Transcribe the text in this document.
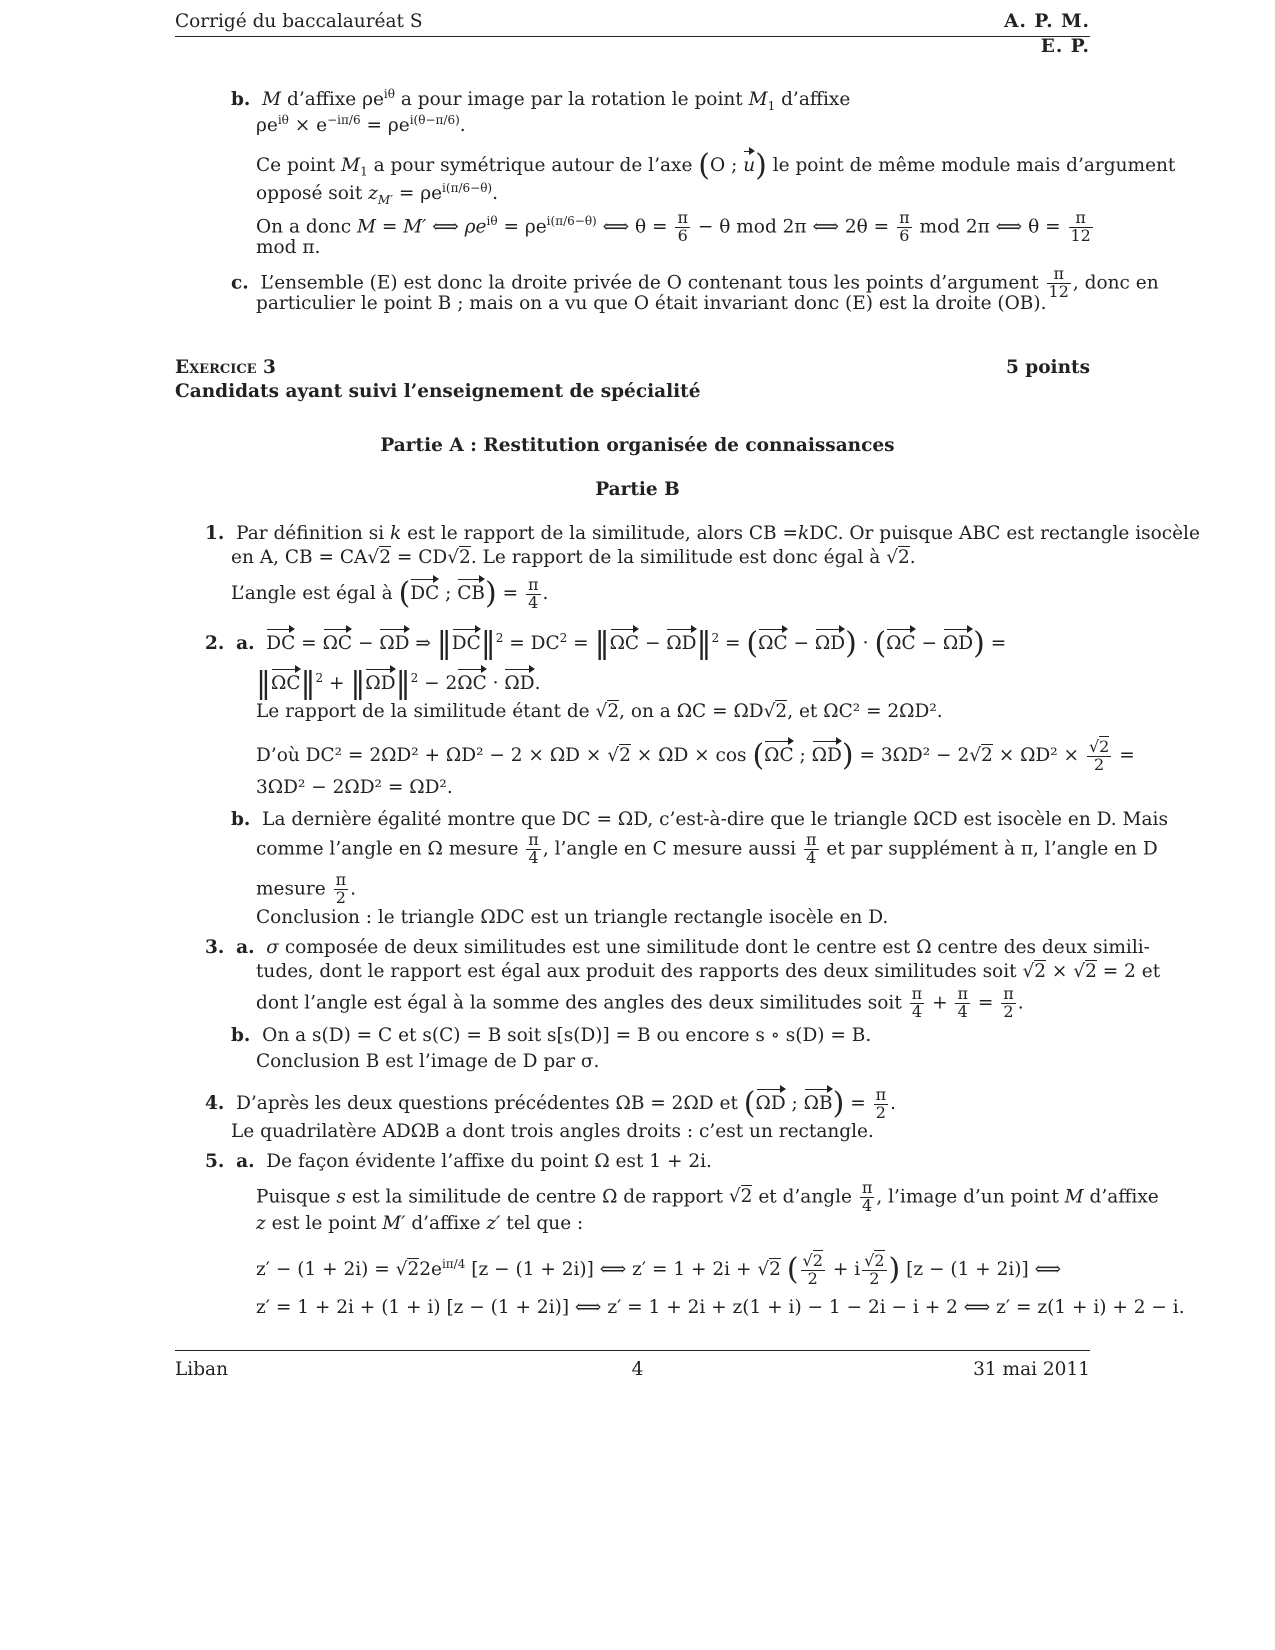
Corrigé du baccalauréat S	A. P. M. E. P.
b. M d’affixe $\rho e^{i\theta}$ a pour image par la rotation le point $M_1$ d’affixe
$\rho e^{i\theta} \times e^{-i\pi/6} = \rho e^{i(\theta-\pi/6)}$.
Ce point $M_1$ a pour symétrique autour de l’axe (O ; u) le point de même module mais d’argument
opposé soit $z_{M'} = \rho e^{i(\pi/6-\theta)}$.
On a donc M = M′ ⟺ $\rho e^{i\theta} = \rho e^{i(\pi/6-\theta)}$ ⟺ $\theta = \frac{\pi}{6} - \theta$ mod 2π ⟺ $2\theta = \frac{\pi}{6}$ mod 2π ⟺ $\theta = \frac{\pi}{12}$
mod π.
c. L’ensemble (E) est donc la droite privée de O contenant tous les points d’argument $\frac{\pi}{12}$ , donc en
particulier le point B ; mais on a vu que O était invariant donc (E) est la droite (OB).
Exercice 3	5 points
Candidats ayant suivi l’enseignement de spécialité
Partie A : Restitution organisée de connaissances
Partie B
1. Par définition si k est le rapport de la similitude, alors CB =kDC. Or puisque ABC est rectangle isocèle
en A, CB = CA √ 2 = CD √ 2. Le rapport de la similitude est donc égal à √ 2.
L’angle est égal à (DC ; $CB) = \frac{\pi}{4}$ .
2. a. DC = ΩC − ΩD ⇒ ‖DC‖$^2$ = $DC^2$ = ‖ΩC − ΩD‖$^2$ = (ΩC − ΩD) · (ΩC − ΩD) =
‖ΩC‖$^2$ + ‖ΩD‖$^2$ − 2ΩC · ΩD.
Le rapport de la similitude étant de √ 2, on a ΩC = ΩD √ 2, et ΩC² = 2ΩD².
D’où DC² = 2ΩD² + ΩD² − 2 × ΩD × √ 2 × ΩD × cos (ΩC ; ΩD) = 3ΩD² − 2 √ 2 × ΩD² × √ $\frac{2}{2}$ =
3ΩD² − 2ΩD² = ΩD².
b. La dernière égalité montre que DC = ΩD, c’est-à-dire que le triangle ΩCD est isocèle en D. Mais
comme l’angle en Ω mesure $\frac{\pi}{4}$ , l’angle en C mesure aussi $\frac{\pi}{4}$ et par supplément à π, l’angle en D
mesure $\frac{\pi}{2}$ .
Conclusion : le triangle ΩDC est un triangle rectangle isocèle en D.
3. a. σ composée de deux similitudes est une similitude dont le centre est Ω centre des deux simili-
tudes, dont le rapport est égal aux produit des rapports des deux similitudes soit √ 2 × √ 2 = 2 et
dont l’angle est égal à la somme des angles des deux similitudes soit $\frac{\pi}{4} + \frac{\pi}{4} = \frac{\pi}{2}$ .
b. On a s(D) = C et s(C) = B soit s[s(D)] = B ou encore s ∘ s(D) = B.
Conclusion B est l’image de D par σ.
4. D’après les deux questions précédentes ΩB = 2ΩD et (ΩD ; $\Omega B) = \frac{\pi}{2}$ .
Le quadrilatère ADΩB a dont trois angles droits : c’est un rectangle.
5. a. De façon évidente l’affixe du point Ω est 1 + 2i.
Puisque s est la similitude de centre Ω de rapport √ 2 et d’angle $\frac{\pi}{4}$ , l’image d’un point M d’affixe
z est le point M′ d’affixe z′ tel que :
z′ − (1 + 2i) = √ $22e^{i\pi/4}$ [z − (1 + 2i)] ⟺ z′ = 1 + 2i + √ 2 ( √ $\frac{2}{2} + i$ √ $\frac{2}{2}$ ) [z − (1 + 2i)] ⟺
z′ = 1 + 2i + (1 + i) [z − (1 + 2i)] ⟺ z′ = 1 + 2i + z(1 + i) − 1 − 2i − i + 2 ⟺ z′ = z(1 + i) + 2 − i.
Liban	4	31 mai 2011
